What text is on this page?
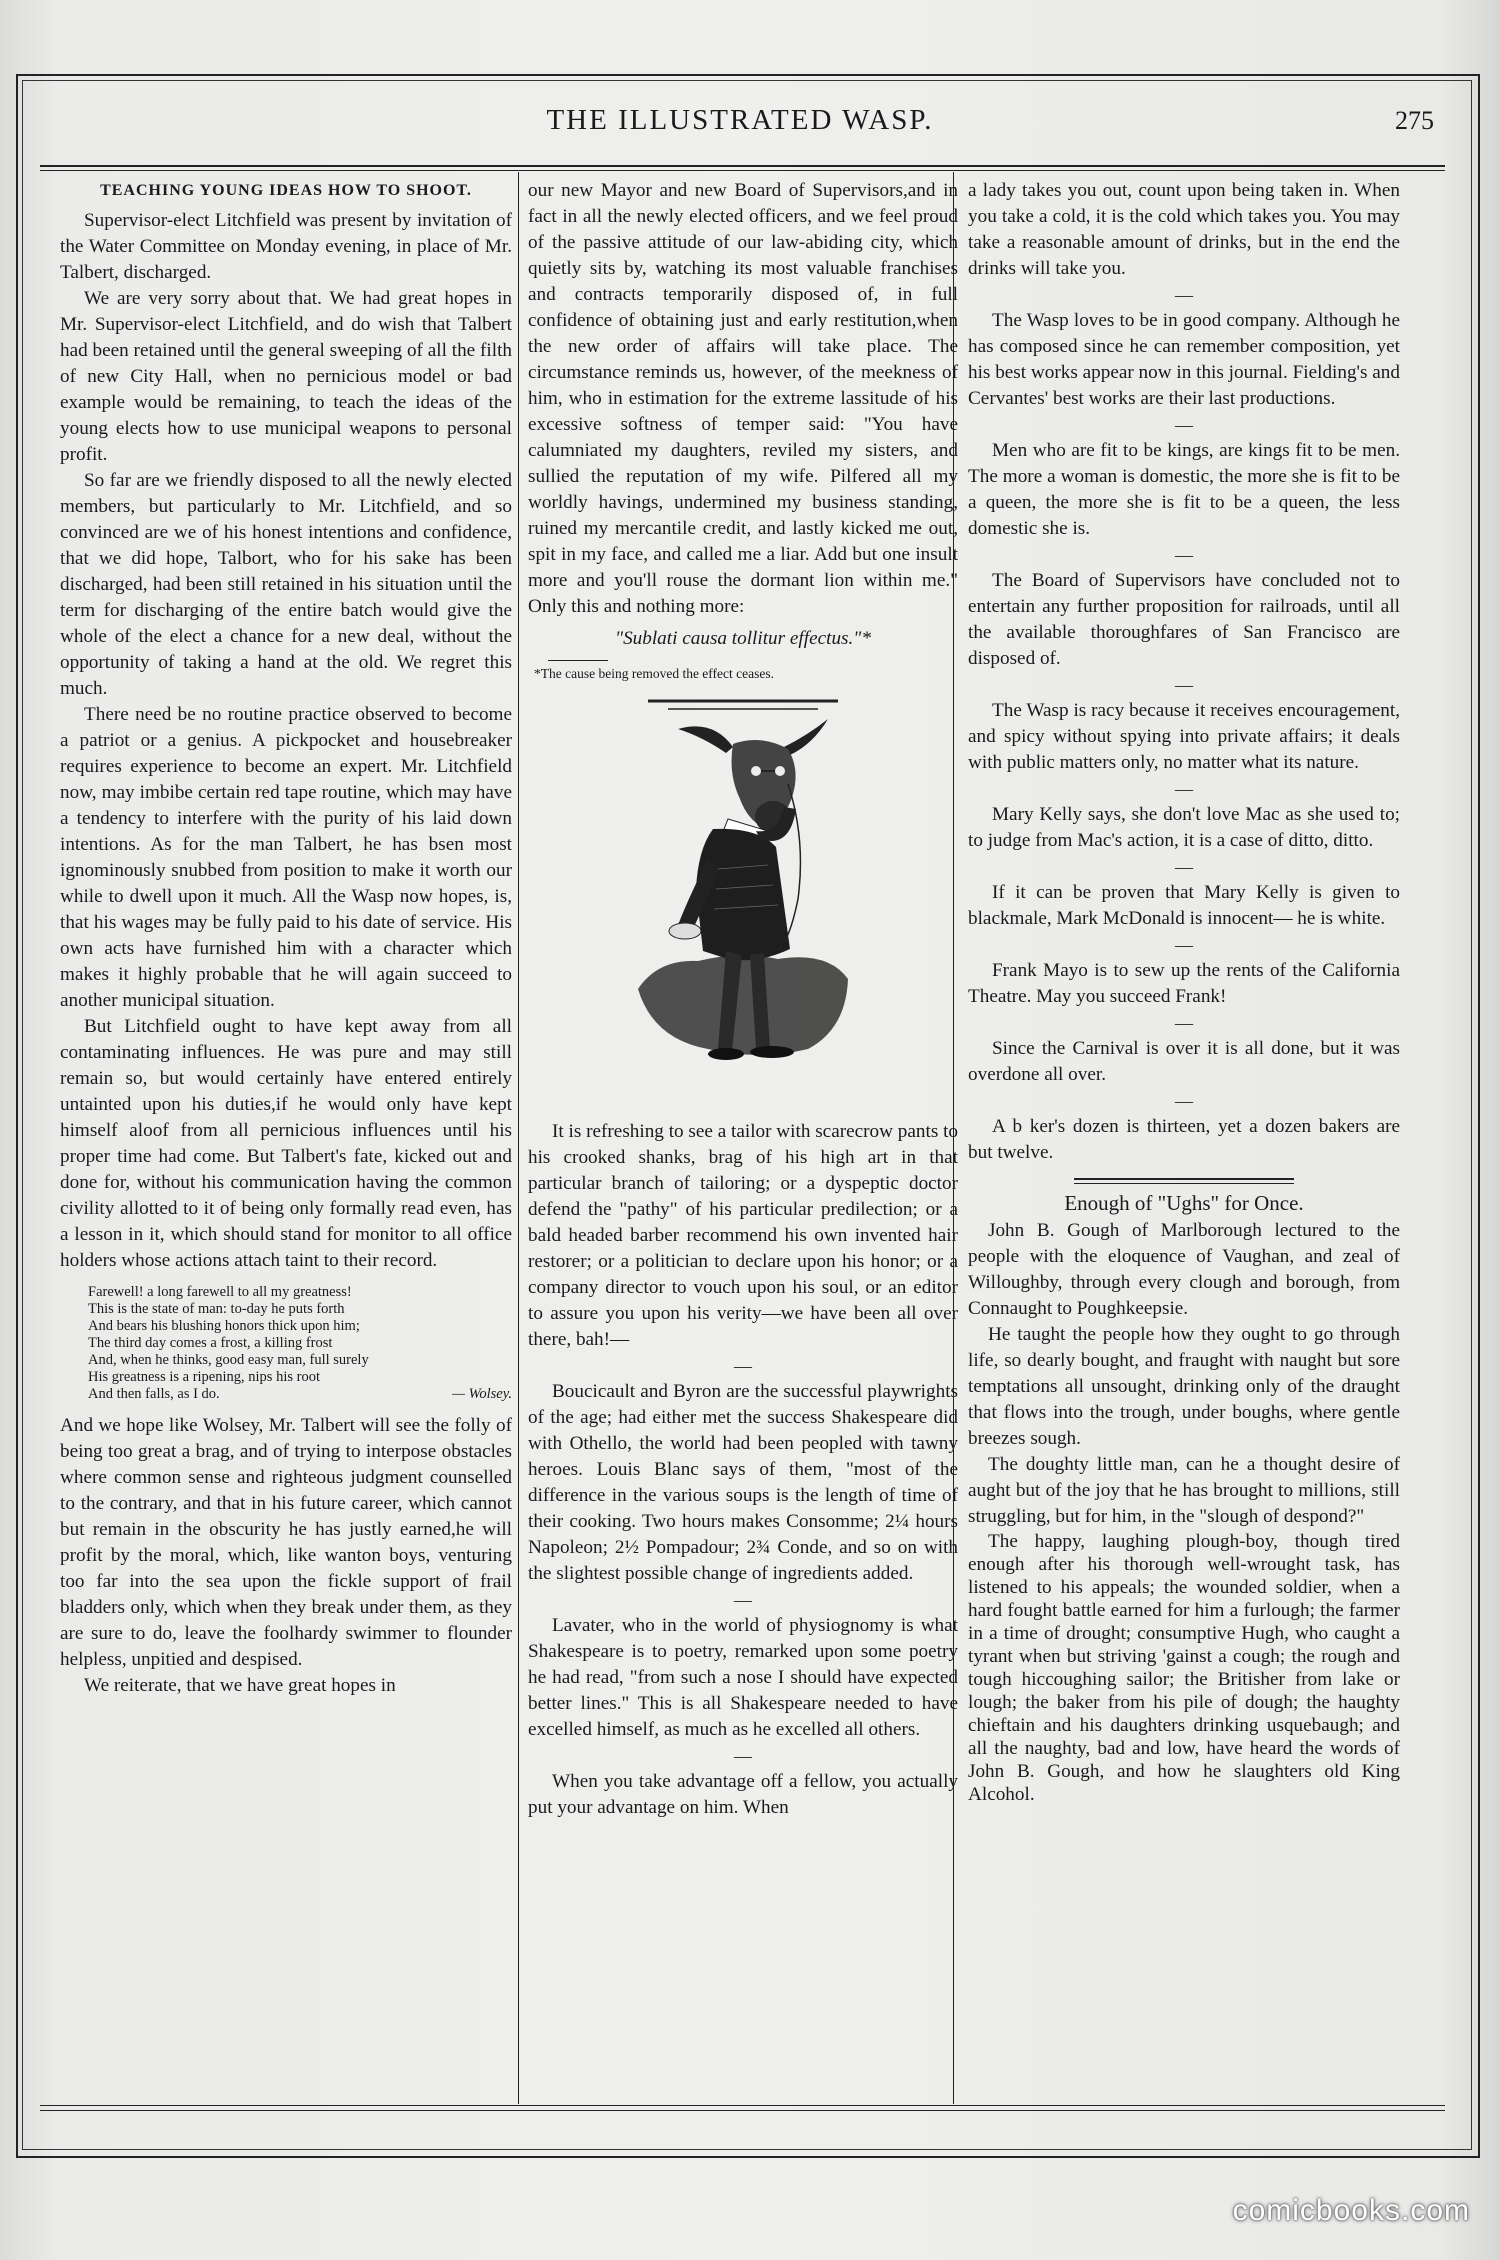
THE ILLUSTRATED WASP.	275
TEACHING YOUNG IDEAS HOW TO SHOOT.

Supervisor-elect Litchfield was present by invitation of the Water Committee on Monday evening, in place of Mr. Talbert, discharged.

We are very sorry about that. We had great hopes in Mr. Supervisor-elect Litchfield, and do wish that Talbert had been retained until the general sweeping of all the filth of new City Hall, when no pernicious model or bad example would be remaining, to teach the ideas of the young elects how to use municipal weapons to personal profit.

So far are we friendly disposed to all the newly elected members, but particularly to Mr. Litchfield, and so convinced are we of his honest intentions and confidence, that we did hope, Talbort, who for his sake has been discharged, had been still retained in his situation until the term for discharging of the entire batch would give the whole of the elect a chance for a new deal, without the opportunity of taking a hand at the old. We regret this much.

There need be no routine practice observed to become a patriot or a genius. A pickpocket and housebreaker requires experience to become an expert. Mr. Litchfield now, may imbibe certain red tape routine, which may have a tendency to interfere with the purity of his laid down intentions. As for the man Talbert, he has bsen most ignominously snubbed from position to make it worth our while to dwell upon it much. All the Wasp now hopes, is, that his wages may be fully paid to his date of service. His own acts have furnished him with a character which makes it highly probable that he will again succeed to another municipal situation.

But Litchfield ought to have kept away from all contaminating influences. He was pure and may still remain so, but would certainly have entered entirely untainted upon his duties,if he would only have kept himself aloof from all pernicious influences until his proper time had come. But Talbert's fate, kicked out and done for, without his communication having the common civility allotted to it of being only formally read even, has a lesson in it, which should stand for monitor to all office holders whose actions attach taint to their record.

Farewell! a long farewell to all my greatness!
This is the state of man: to-day he puts forth
And bears his blushing honors thick upon him;
The third day comes a frost, a killing frost
And, when he thinks, good easy man, full surely
His greatness is a ripening, nips his root
And then falls, as I do.	— Wolsey.

And we hope like Wolsey, Mr. Talbert will see the folly of being too great a brag, and of trying to interpose obstacles where common sense and righteous judgment counselled to the contrary, and that in his future career, which cannot but remain in the obscurity he has justly earned,he will profit by the moral, which, like wanton boys, venturing too far into the sea upon the fickle support of frail bladders only, which when they break under them, as they are sure to do, leave the foolhardy swimmer to flounder helpless, unpitied and despised.

We reiterate, that we have great hopes in

our new Mayor and new Board of Supervisors,and in fact in all the newly elected officers, and we feel proud of the passive attitude of our law-abiding city, which quietly sits by, watching its most valuable franchises and contracts temporarily disposed of, in full confidence of obtaining just and early restitution,when the new order of affairs will take place. The circumstance reminds us, however, of the meekness of him, who in estimation for the extreme lassitude of his excessive softness of temper said: "You have calumniated my daughters, reviled my sisters, and sullied the reputation of my wife. Pilfered all my worldly havings, undermined my business standing, ruined my mercantile credit, and lastly kicked me out, spit in my face, and called me a liar. Add but one insult more and you'll rouse the dormant lion within me." Only this and nothing more:

"Sublati causa tollitur effectus."*
*The cause being removed the effect ceases.

It is refreshing to see a tailor with scarecrow pants to his crooked shanks, brag of his high art in that particular branch of tailoring; or a dyspeptic doctor defend the "pathy" of his particular predilection; or a bald headed barber recommend his own invented hair restorer; or a politician to declare upon his honor; or a company director to vouch upon his soul, or an editor to assure you upon his verity—we have been all over there, bah!—

—

Boucicault and Byron are the successful playwrights of the age; had either met the success Shakespeare did with Othello, the world had been peopled with tawny heroes. Louis Blanc says of them, "most of the difference in the various soups is the length of time of their cooking. Two hours makes Consomme; 2¼ hours Napoleon; 2½ Pompadour; 2¾ Conde, and so on with the slightest possible change of ingredients added.

—

Lavater, who in the world of physiognomy is what Shakespeare is to poetry, remarked upon some poetry he had read, "from such a nose I should have expected better lines." This is all Shakespeare needed to have excelled himself, as much as he excelled all others.

—

When you take advantage off a fellow, you actually put your advantage on him. When

a lady takes you out, count upon being taken in. When you take a cold, it is the cold which takes you. You may take a reasonable amount of drinks, but in the end the drinks will take you.

—

The Wasp loves to be in good company. Although he has composed since he can remember composition, yet his best works appear now in this journal. Fielding's and Cervantes' best works are their last productions.

—

Men who are fit to be kings, are kings fit to be men. The more a woman is domestic, the more she is fit to be a queen, the more she is fit to be a queen, the less domestic she is.

—

The Board of Supervisors have concluded not to entertain any further proposition for railroads, until all the available thoroughfares of San Francisco are disposed of.

—

The Wasp is racy because it receives encouragement, and spicy without spying into private affairs; it deals with public matters only, no matter what its nature.

—

Mary Kelly says, she don't love Mac as she used to; to judge from Mac's action, it is a case of ditto, ditto.

—

If it can be proven that Mary Kelly is given to blackmale, Mark McDonald is innocent— he is white.

—

Frank Mayo is to sew up the rents of the California Theatre. May you succeed Frank!

—

Since the Carnival is over it is all done, but it was overdone all over.

—

A b ker's dozen is thirteen, yet a dozen bakers are but twelve.

Enough of "Ughs" for Once.

John B. Gough of Marlborough lectured to the people with the eloquence of Vaughan, and zeal of Willoughby, through every clough and borough, from Connaught to Poughkeepsie.

He taught the people how they ought to go through life, so dearly bought, and fraught with naught but sore temptations all unsought, drinking only of the draught that flows into the trough, under boughs, where gentle breezes sough.

The doughty little man, can he a thought desire of aught but of the joy that he has brought to millions, still struggling, but for him, in the "slough of despond?"

The happy, laughing plough-boy, though tired enough after his thorough well-wrought task, has listened to his appeals; the wounded soldier, when a hard fought battle earned for him a furlough; the farmer in a time of drought; consumptive Hugh, who caught a tyrant when but striving 'gainst a cough; the rough and tough hiccoughing sailor; the Britisher from lake or lough; the baker from his pile of dough; the haughty chieftain and his daughters drinking usquebaugh; and all the naughty, bad and low, have heard the words of John B. Gough, and how he slaughters old King Alcohol.

comicbooks.com
